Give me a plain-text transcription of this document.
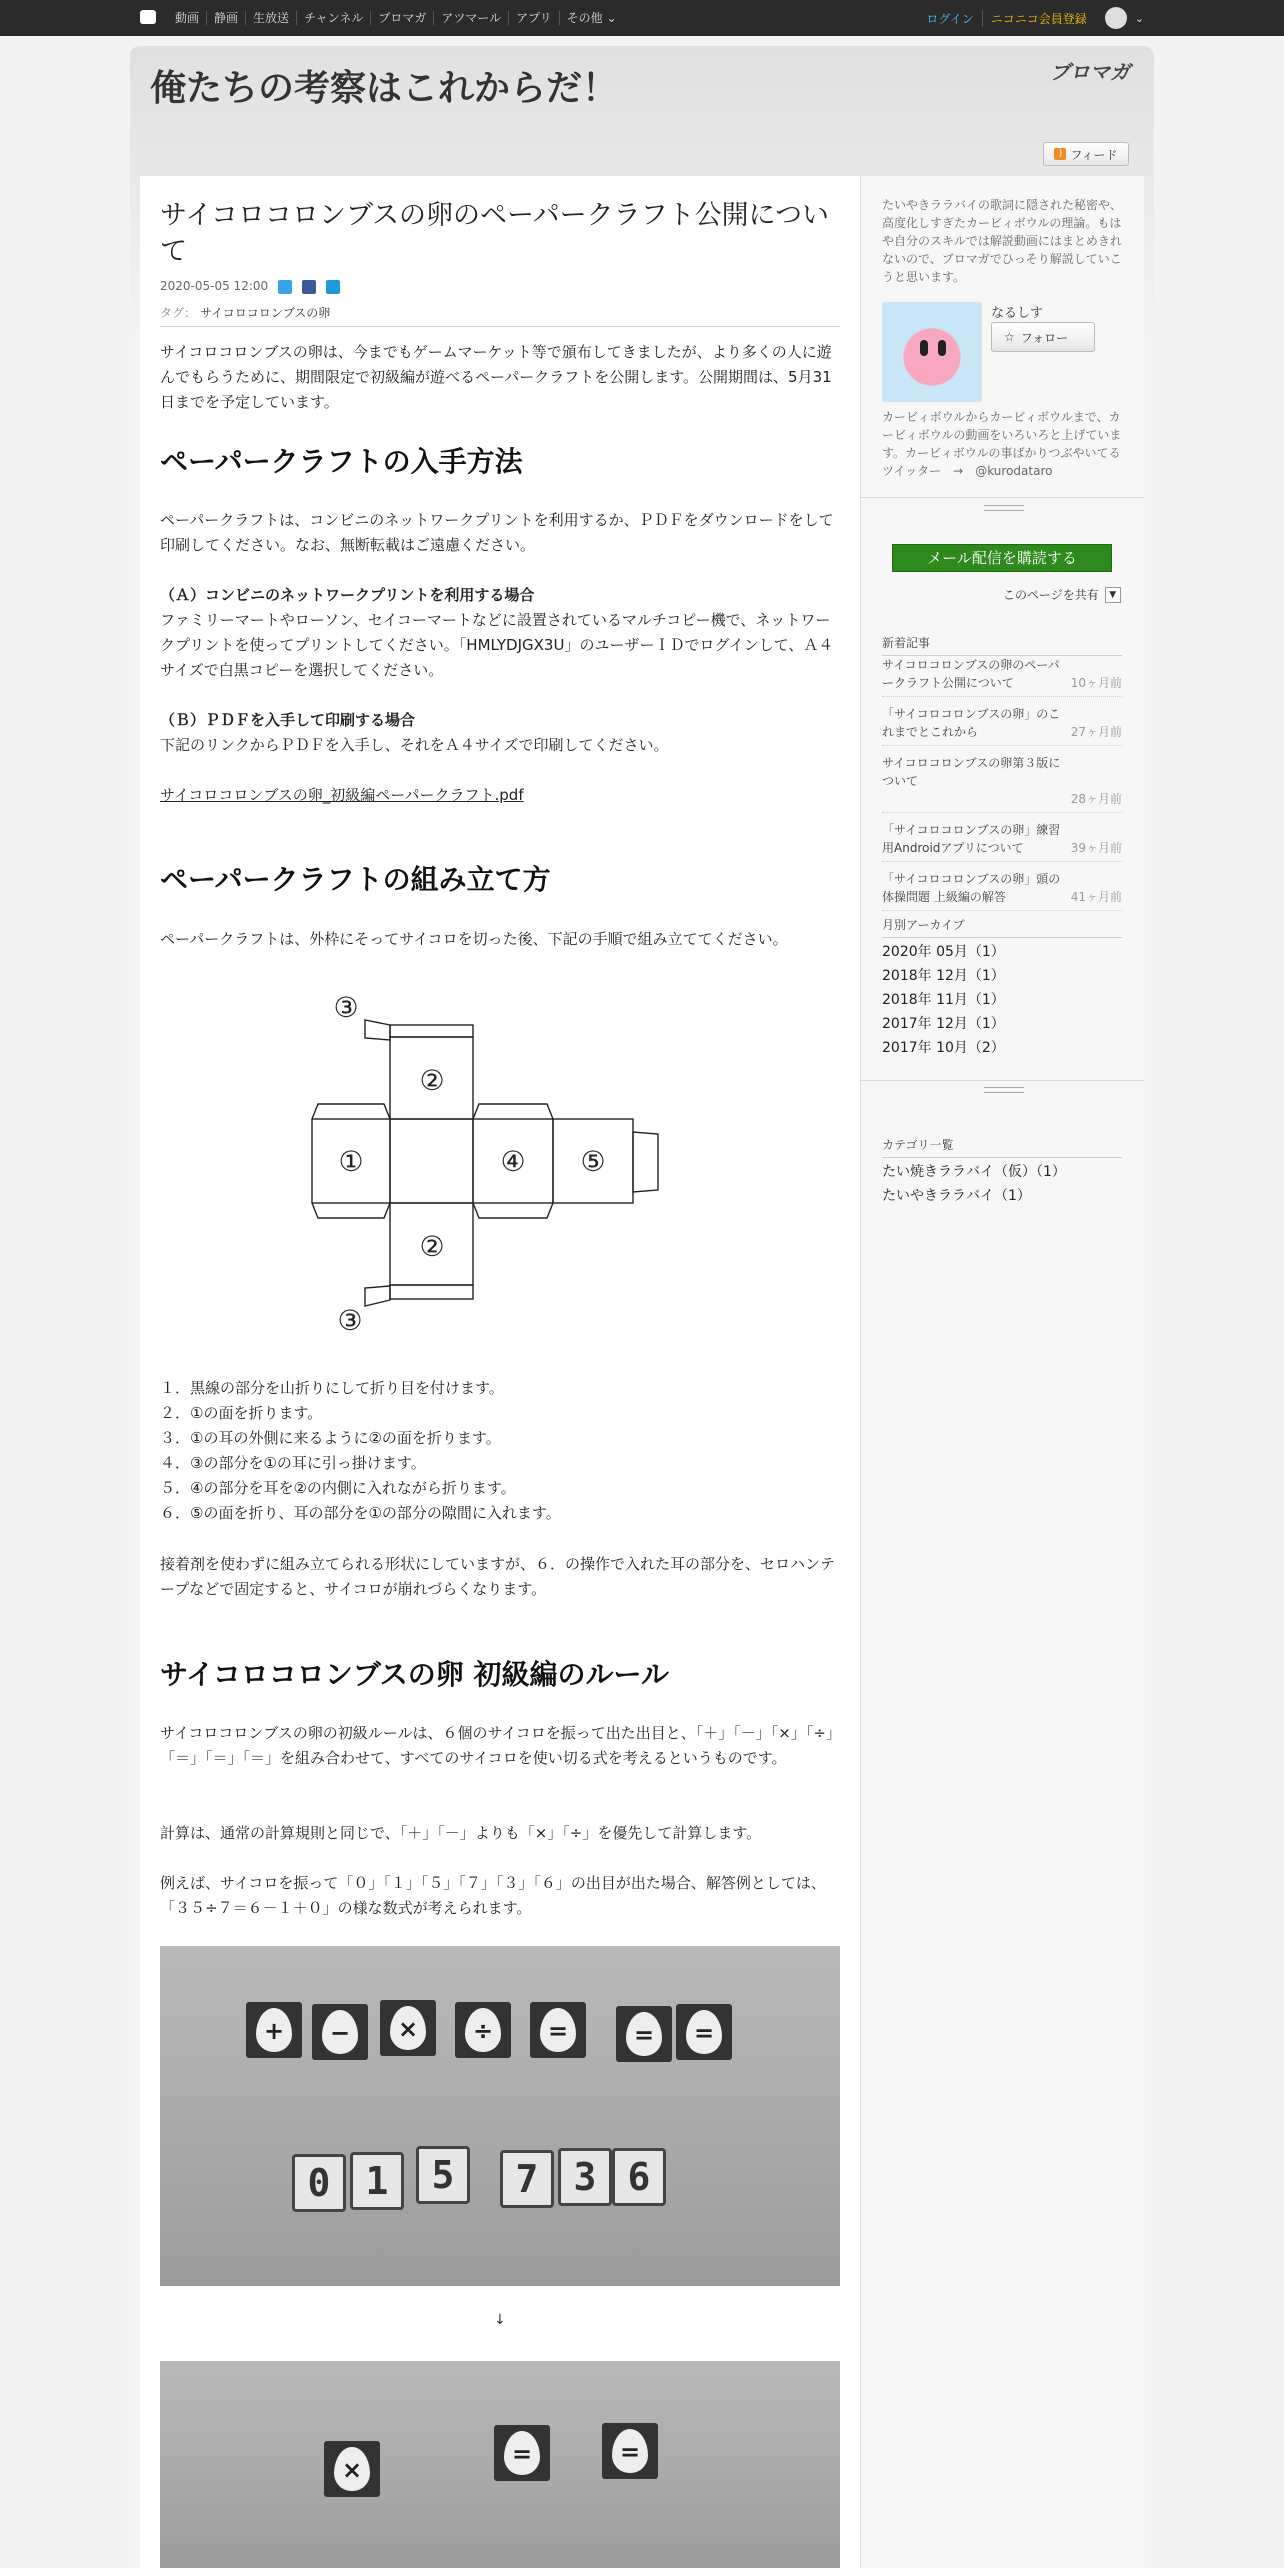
動画	静画	生放送	チャンネル	ブロマガ	アツマール	アプリ	その他 ⌄	ログイン	ニコニコ会員登録	⌄
俺たちの考察はこれからだ！	ブロマガ
) フィード
サイコロコロンブスの卵のペーパークラフト公開について
2020-05-05 12:00
タグ： サイコロコロンブスの卵

サイコロコロンブスの卵は、今までもゲームマーケット等で頒布してきましたが、より多くの人に遊んでもらうために、期間限定で初級編が遊べるペーパークラフトを公開します。公開期間は、5月31日までを予定しています。

ペーパークラフトの入手方法

ペーパークラフトは、コンビニのネットワークプリントを利用するか、ＰＤＦをダウンロードをして印刷してください。なお、無断転載はご遠慮ください。

（Ａ）コンビニのネットワークプリントを利用する場合

ファミリーマートやローソン、セイコーマートなどに設置されているマルチコピー機で、ネットワークプリントを使ってプリントしてください。「HMLYDJGX3U」のユーザーＩＤでログインして、Ａ４サイズで白黒コピーを選択してください。

（Ｂ）ＰＤＦを入手して印刷する場合

下記のリンクからＰＤＦを入手し、それをＡ４サイズで印刷してください。

サイコロコロンブスの卵_初級編ペーパークラフト.pdf

ペーパークラフトの組み立て方

ペーパークラフトは、外枠にそってサイコロを切った後、下記の手順で組み立ててください。

①
②
②
④ ⑤
③
③
１．黒線の部分を山折りにして折り目を付けます。
２．①の面を折ります。
３．①の耳の外側に来るように②の面を折ります。
４．③の部分を①の耳に引っ掛けます。
５．④の部分を耳を②の内側に入れながら折ります。
６．⑤の面を折り、耳の部分を①の部分の隙間に入れます。

接着剤を使わずに組み立てられる形状にしていますが、６．の操作で入れた耳の部分を、セロハンテープなどで固定すると、サイコロが崩れづらくなります。

サイコロコロンブスの卵 初級編のルール

サイコロコロンブスの卵の初級ルールは、６個のサイコロを振って出た出目と、「＋」「－」「×」「÷」「＝」「＝」「＝」を組み合わせて、すべてのサイコロを使い切る式を考えるというものです。

計算は、通常の計算規則と同じで、「＋」「－」よりも「×」「÷」を優先して計算します。

例えば、サイコロを振って「０」「１」「５」「７」「３」「６」の出目が出た場合、解答例としては、「３５÷７＝６－１＋０」の様な数式が考えられます。

+	−	×	÷	=	=	=
0 1	5	7 3 6
↓
×
=	=

たいやきララバイの歌詞に隠された秘密や、高度化しすぎたカービィボウルの理論。もはや自分のスキルでは解説動画にはまとめきれないので、ブロマガでひっそり解説していこうと思います。

なるしす
☆ フォロー

カービィボウルからカービィボウルまで、カービィボウルの動画をいろいろと上げています。カービィボウルの事ばかりつぶやいてるツイッター　→　@kurodataro

メール配信を購読する
このページを共有	▼
新着記事
サイコロコロンブスの卵のペーパークラフト公開について	10ヶ月前
「サイコロコロンブスの卵」のこれまでとこれから	27ヶ月前
サイコロコロンブスの卵第３版について
28ヶ月前
「サイコロコロンブスの卵」練習用Androidアプリについて	39ヶ月前
「サイコロコロンブスの卵」頭の体操問題 上級編の解答	41ヶ月前
月別アーカイブ
2020年 05月（1）
2018年 12月（1）
2018年 11月（1）
2017年 12月（1）
2017年 10月（2）
カテゴリ一覧
たい焼きララバイ（仮）（1）
たいやきララバイ（1）
